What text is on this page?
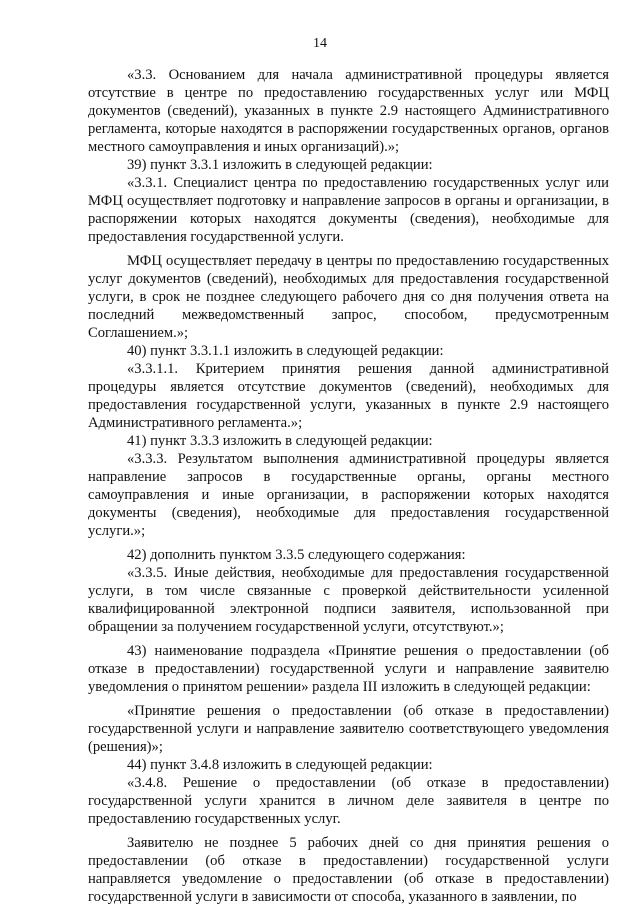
14

«3.3. Основанием для начала административной процедуры является отсутствие в центре по предоставлению государственных услуг или МФЦ документов (сведений), указанных в пункте 2.9 настоящего Административного регламента, которые находятся в распоряжении государственных органов, органов местного самоуправления и иных организаций).»;

39) пункт 3.3.1 изложить в следующей редакции:

«3.3.1. Специалист центра по предоставлению государственных услуг или МФЦ осуществляет подготовку и направление запросов в органы и организации, в распоряжении которых находятся документы (сведения), необходимые для предоставления государственной услуги.

МФЦ осуществляет передачу в центры по предоставлению государственных услуг документов (сведений), необходимых для предоставления государственной услуги, в срок не позднее следующего рабочего дня со дня получения ответа на последний межведомственный запрос, способом, предусмотренным Соглашением.»;

40) пункт 3.3.1.1 изложить в следующей редакции:

«3.3.1.1. Критерием принятия решения данной административной процедуры является отсутствие документов (сведений), необходимых для предоставления государственной услуги, указанных в пункте 2.9 настоящего Административного регламента.»;

41) пункт 3.3.3 изложить в следующей редакции:

«3.3.3. Результатом выполнения административной процедуры является направление запросов в государственные органы, органы местного самоуправления и иные организации, в распоряжении которых находятся документы (сведения), необходимые для предоставления государственной услуги.»;

42) дополнить пунктом 3.3.5 следующего содержания:

«3.3.5. Иные действия, необходимые для предоставления государственной услуги, в том числе связанные с проверкой действительности усиленной квалифицированной электронной подписи заявителя, использованной при обращении за получением государственной услуги, отсутствуют.»;

43) наименование подраздела «Принятие решения о предоставлении (об отказе в предоставлении) государственной услуги и направление заявителю уведомления о принятом решении» раздела III изложить в следующей редакции:

«Принятие решения о предоставлении (об отказе в предоставлении) государственной услуги и направление заявителю соответствующего уведомления (решения)»;

44) пункт 3.4.8 изложить в следующей редакции:

«3.4.8. Решение о предоставлении (об отказе в предоставлении) государственной услуги хранится в личном деле заявителя в центре по предоставлению государственных услуг.

Заявителю не позднее 5 рабочих дней со дня принятия решения о предоставлении (об отказе в предоставлении) государственной услуги направляется уведомление о предоставлении (об отказе в предоставлении) государственной услуги в зависимости от способа, указанного в заявлении, по
